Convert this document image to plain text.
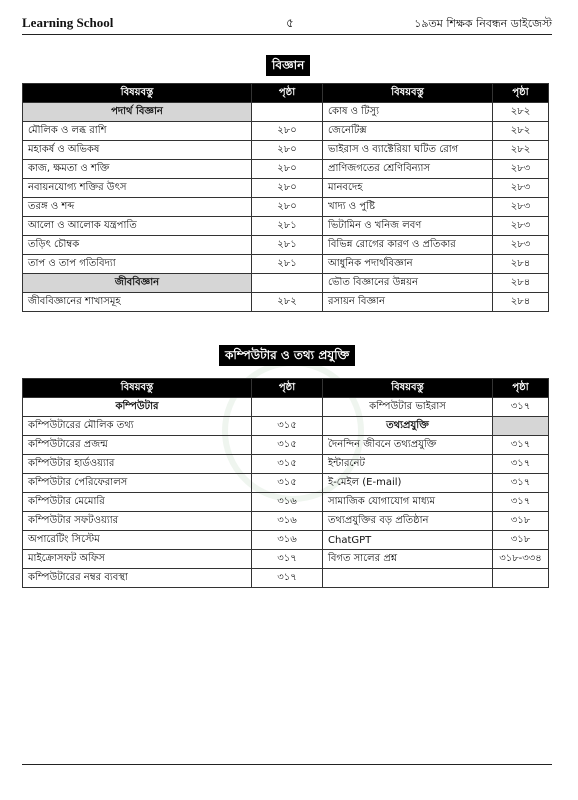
Learning School	৫	১৯তম শিক্ষক নিবন্ধন ডাইজেস্ট
বিজ্ঞান
বিষয়বস্তু	পৃষ্ঠা	বিষয়বস্তু	পৃষ্ঠা
পদার্থ বিজ্ঞান		কোষ ও টিস্যু	২৮২
মৌলিক ও লব্ধ রাশি	২৮০	জেনেটিক্স	২৮২
মহাকর্ষ ও অভিকষ	২৮০	ভাইরাস ও ব্যাক্টেরিয়া ঘটিত রোগ	২৮২
কাজ, ক্ষমতা ও শক্তি	২৮০	প্রাণিজগতের শ্রেণিবিন্যাস	২৮৩
নবায়নযোগ্য শক্তির উৎস	২৮০	মানবদেহ	২৮৩
তরঙ্গ ও শব্দ	২৮০	খাদ্য ও পুষ্টি	২৮৩
আলো ও আলোক যন্ত্রপাতি	২৮১	ভিটামিন ও খনিজ লবণ	২৮৩
তড়িৎ চৌম্বক	২৮১	বিভিন্ন রোগের কারণ ও প্রতিকার	২৮৩
তাপ ও তাপ গতিবিদ্যা	২৮১	আধুনিক পদার্থবিজ্ঞান	২৮৪
জীববিজ্ঞান		ভৌত বিজ্ঞানের উন্নয়ন	২৮৪
জীববিজ্ঞানের শাখাসমূহ	২৮২	রসায়ন বিজ্ঞান	২৮৪
কম্পিউটার ও তথ্য প্রযুক্তি
বিষয়বস্তু	পৃষ্ঠা	বিষয়বস্তু	পৃষ্ঠা
কম্পিউটার		কম্পিউটার ভাইরাস	৩১৭
কম্পিউটারের মৌলিক তথ্য	৩১৫	তথ্যপ্রযুক্তি	
কম্পিউটারের প্রজন্ম	৩১৫	দৈনন্দিন জীবনে তথ্যপ্রযুক্তি	৩১৭
কম্পিউটার হার্ডওয়্যার	৩১৫	ইন্টারনেট	৩১৭
কম্পিউটার পেরিফেরালস	৩১৫	ই-মেইল (E-mail)	৩১৭
কম্পিউটার মেমোরি	৩১৬	সামাজিক যোগাযোগ মাধ্যম	৩১৭
কম্পিউটার সফটওয়্যার	৩১৬	তথ্যপ্রযুক্তির বড় প্রতিষ্ঠান	৩১৮
অপারেটিং সিস্টেম	৩১৬	ChatGPT	৩১৮
মাইক্রোসফট অফিস	৩১৭	বিগত সালের প্রশ্ন	৩১৮-৩৩৪
কম্পিউটারের নম্বর ব্যবস্থা	৩১৭		
